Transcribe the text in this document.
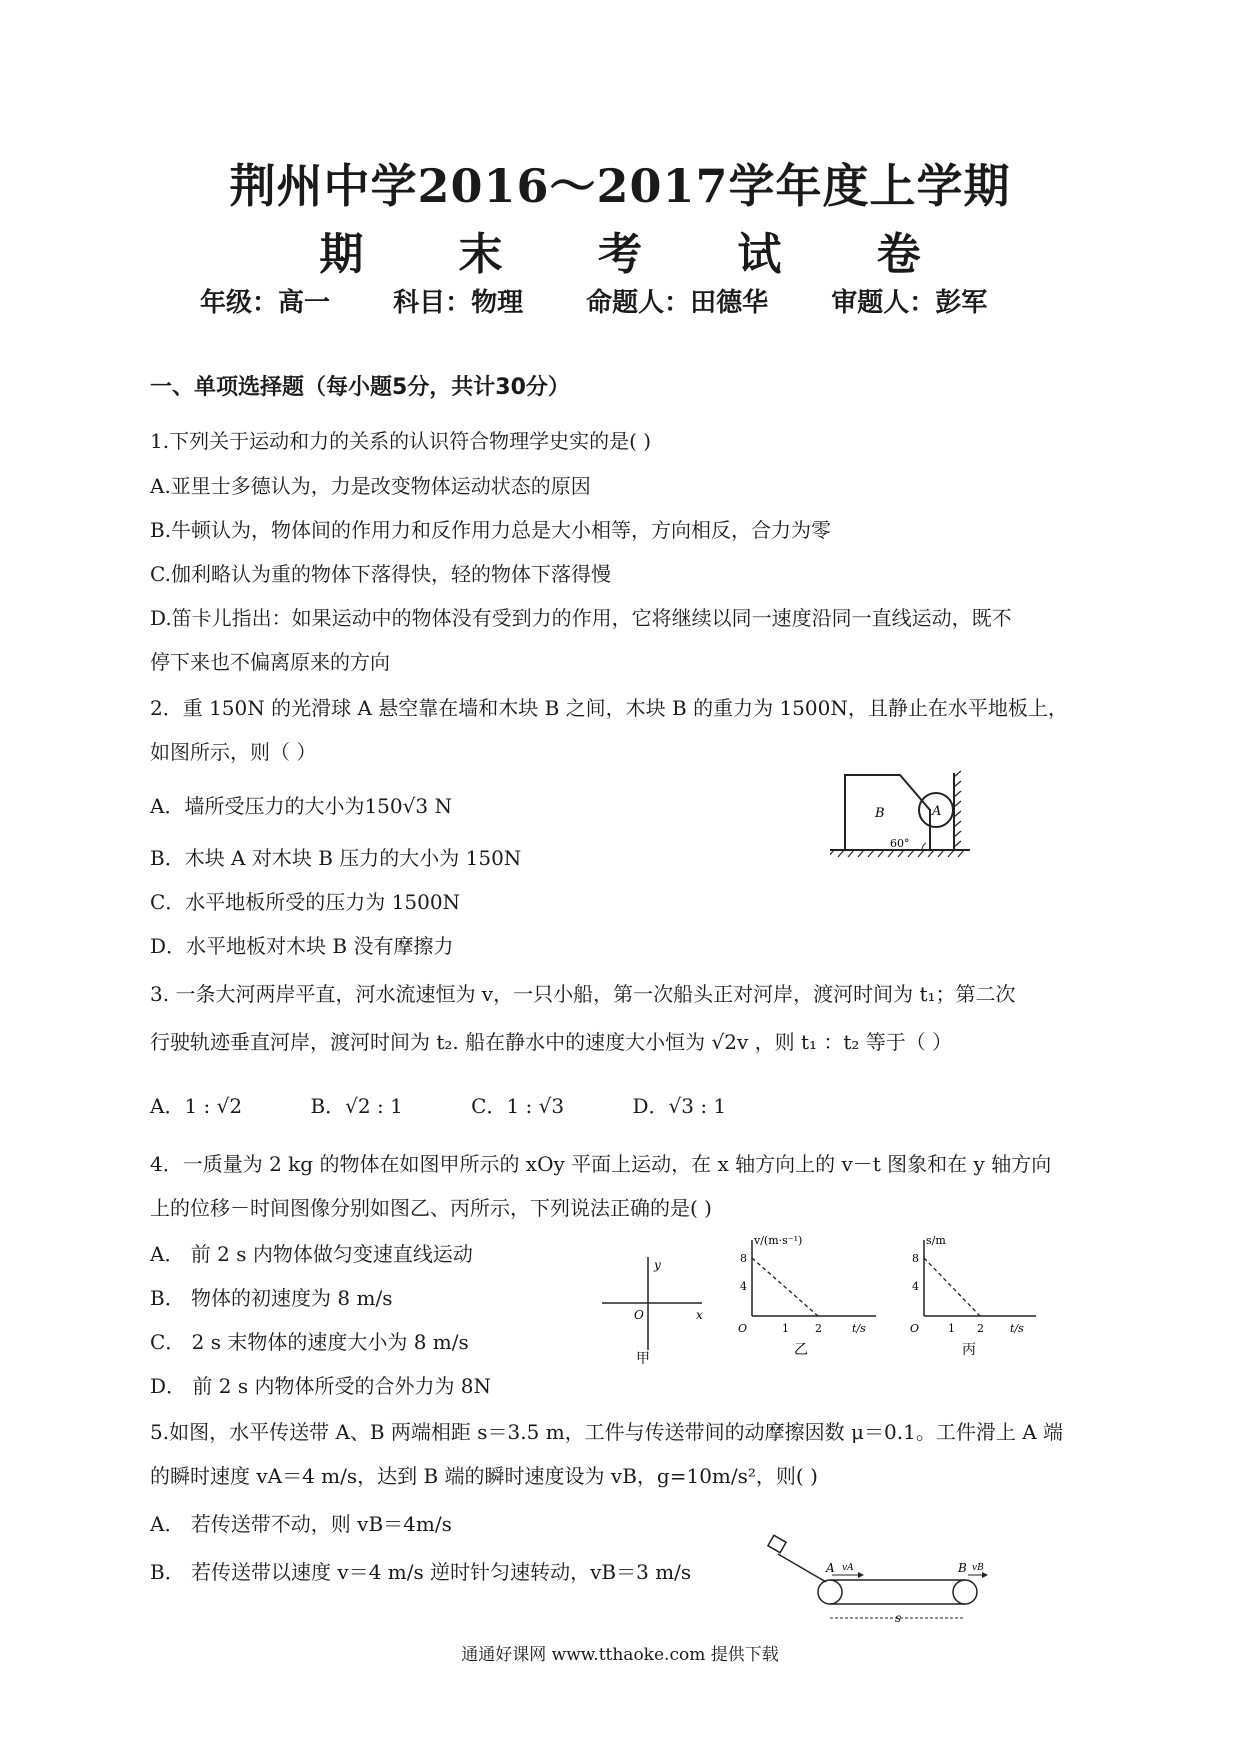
荆州中学2016～2017学年度上学期
期 末 考 试 卷
年级：高一 科目：物理 命题人：田德华 审题人：彭军
一、单项选择题（每小题5分，共计30分）
1.下列关于运动和力的关系的认识符合物理学史实的是( )
A.亚里士多德认为，力是改变物体运动状态的原因
B.牛顿认为，物体间的作用力和反作用力总是大小相等，方向相反，合力为零
C.伽利略认为重的物体下落得快，轻的物体下落得慢
D.笛卡儿指出：如果运动中的物体没有受到力的作用，它将继续以同一速度沿同一直线运动，既不
停下来也不偏离原来的方向
2．重 150N 的光滑球 A 悬空靠在墙和木块 B 之间，木块 B 的重力为 1500N，且静止在水平地板上，
如图所示，则（ ）
A．墙所受压力的大小为150√3 N
B．木块 A 对木块 B 压力的大小为 150N
C．水平地板所受的压力为 1500N
D．水平地板对木块 B 没有摩擦力
B	A
60°
3. 一条大河两岸平直，河水流速恒为 v，一只小船，第一次船头正对河岸，渡河时间为 t₁；第二次
行驶轨迹垂直河岸，渡河时间为 t₂. 船在静水中的速度大小恒为 √2v ，则 t₁ ：t₂ 等于（ ）
A．1 : √2	B．√2 : 1	C．1 : √3	D．√3 : 1
4．一质量为 2 kg 的物体在如图甲所示的 xOy 平面上运动，在 x 轴方向上的 v－t 图象和在 y 轴方向
上的位移－时间图像分别如图乙、丙所示，下列说法正确的是( )
A． 前 2 s 内物体做匀变速直线运动
B． 物体的初速度为 8 m/s
C． 2 s 末物体的速度大小为 8 m/s
D． 前 2 s 内物体所受的合外力为 8N
y
x
O
甲
v/(m·s⁻¹)
8
4
O	1 2	t/s
乙
s/m
8
4
O	1 2 t/s
丙
5.如图，水平传送带 A、B 两端相距 s＝3.5 m，工件与传送带间的动摩擦因数 μ＝0.1。工件滑上 A 端
的瞬时速度 vA＝4 m/s，达到 B 端的瞬时速度设为 vB，g=10m/s²，则( )
A． 若传送带不动，则 vB＝4m/s
B． 若传送带以速度 v＝4 m/s 逆时针匀速转动，vB＝3 m/s	A vA	B vB
s
通通好课网 www.tthaoke.com 提供下载
